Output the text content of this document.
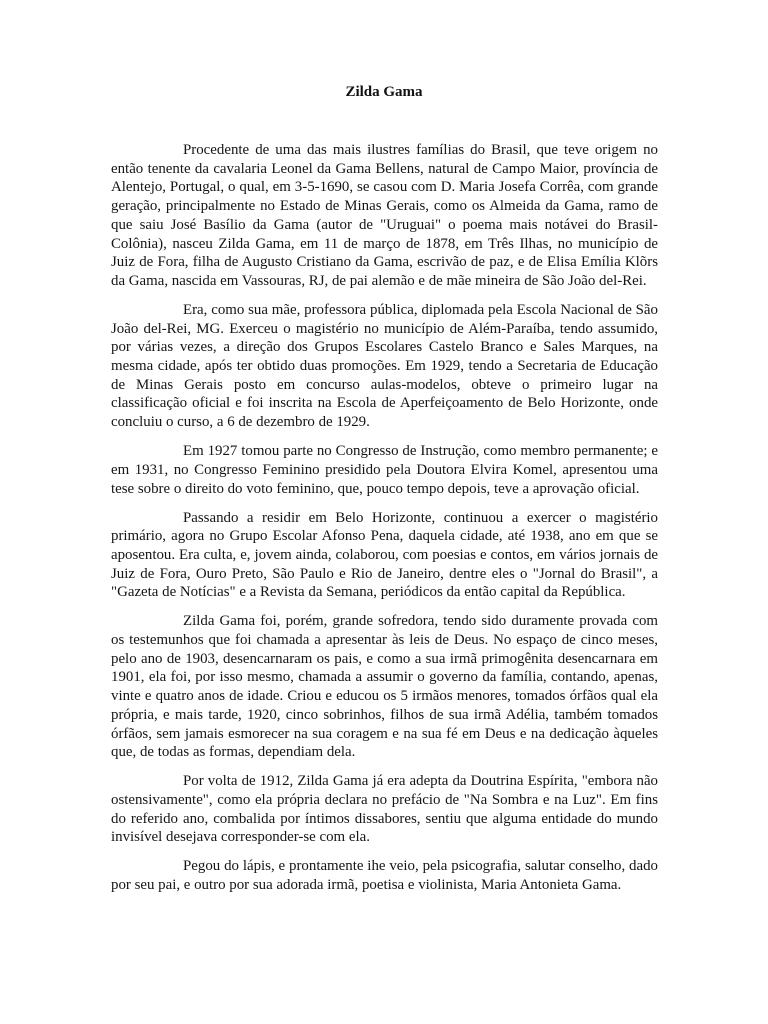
Zilda Gama

Procedente de uma das mais ilustres famílias do Brasil, que teve origem no então tenente da cavalaria Leonel da Gama Bellens, natural de Campo Maior, província de Alentejo, Portugal, o qual, em 3-5-1690, se casou com D. Maria Josefa Corrêa, com grande geração, principalmente no Estado de Minas Gerais, como os Almeida da Gama, ramo de que saiu José Basílio da Gama (autor de "Uruguai" o poema mais notávei do Brasil-Colônia), nasceu Zilda Gama, em 11 de março de 1878, em Três Ilhas, no município de Juiz de Fora, filha de Augusto Cristiano da Gama, escrivão de paz, e de Elisa Emília Klõrs da Gama, nascida em Vassouras, RJ, de pai alemão e de mãe mineira de São João del-Rei.

Era, como sua mãe, professora pública, diplomada pela Escola Nacional de São João del-Rei, MG. Exerceu o magistério no município de Além-Paraíba, tendo assumido, por várias vezes, a direção dos Grupos Escolares Castelo Branco e Sales Marques, na mesma cidade, após ter obtido duas promoções. Em 1929, tendo a Secretaria de Educação de Minas Gerais posto em concurso aulas-modelos, obteve o primeiro lugar na classificação oficial e foi inscrita na Escola de Aperfeiçoamento de Belo Horizonte, onde concluiu o curso, a 6 de dezembro de 1929.

Em 1927 tomou parte no Congresso de Instrução, como membro permanente; e em 1931, no Congresso Feminino presidido pela Doutora Elvira Komel, apresentou uma tese sobre o direito do voto feminino, que, pouco tempo depois, teve a aprovação oficial.

Passando a residir em Belo Horizonte, continuou a exercer o magistério primário, agora no Grupo Escolar Afonso Pena, daquela cidade, até 1938, ano em que se aposentou. Era culta, e, jovem ainda, colaborou, com poesias e contos, em vários jornais de Juiz de Fora, Ouro Preto, São Paulo e Rio de Janeiro, dentre eles o "Jornal do Brasil", a "Gazeta de Notícias" e a Revista da Semana, periódicos da então capital da República.

Zilda Gama foi, porém, grande sofredora, tendo sido duramente provada com os testemunhos que foi chamada a apresentar às leis de Deus. No espaço de cinco meses, pelo ano de 1903, desencarnaram os pais, e como a sua irmã primogênita desencarnara em 1901, ela foi, por isso mesmo, chamada a assumir o governo da família, contando, apenas, vinte e quatro anos de idade. Criou e educou os 5 irmãos menores, tomados órfãos qual ela própria, e mais tarde, 1920, cinco sobrinhos, filhos de sua irmã Adélia, também tomados órfãos, sem jamais esmorecer na sua coragem e na sua fé em Deus e na dedicação àqueles que, de todas as formas, dependiam dela.

Por volta de 1912, Zilda Gama já era adepta da Doutrina Espírita, "embora não ostensivamente", como ela própria declara no prefácio de "Na Sombra e na Luz". Em fins do referido ano, combalida por íntimos dissabores, sentiu que alguma entidade do mundo invisível desejava corresponder-se com ela.

Pegou do lápis, e prontamente ihe veio, pela psicografia, salutar conselho, dado por seu pai, e outro por sua adorada irmã, poetisa e violinista, Maria Antonieta Gama.
